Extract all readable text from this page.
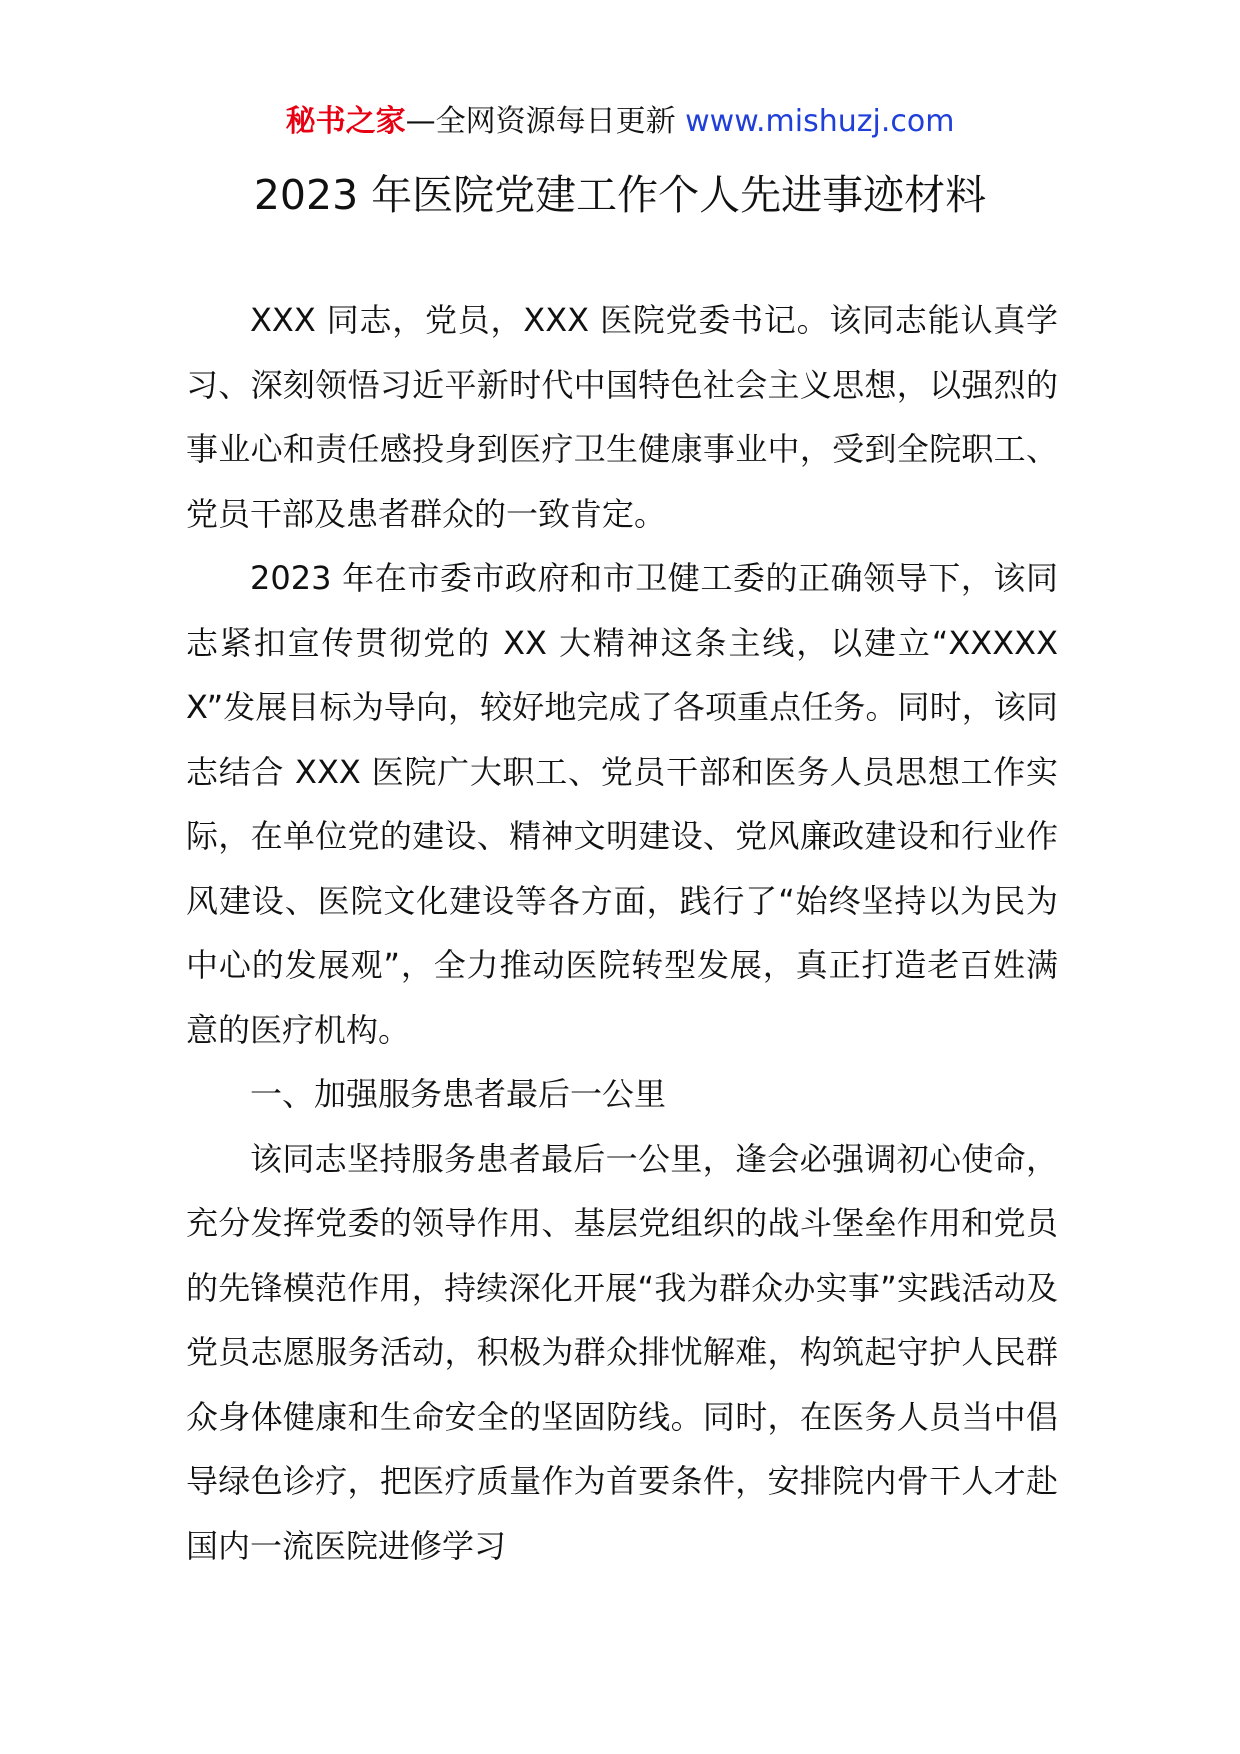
秘书之家—全网资源每日更新 www.mishuzj.com
2023 年医院党建工作个人先进事迹材料

XXX 同志，党员，XXX 医院党委书记。该同志能认真学习、深刻领悟习近平新时代中国特色社会主义思想，以强烈的事业心和责任感投身到医疗卫生健康事业中，受到全院职工、党员干部及患者群众的一致肯定。

2023 年在市委市政府和市卫健工委的正确领导下，该同志紧扣宣传贯彻党的 XX 大精神这条主线，以建立“XXXXXX”发展目标为导向，较好地完成了各项重点任务。同时，该同志结合 XXX 医院广大职工、党员干部和医务人员思想工作实际，在单位党的建设、精神文明建设、党风廉政建设和行业作风建设、医院文化建设等各方面，践行了“始终坚持以为民为中心的发展观”，全力推动医院转型发展，真正打造老百姓满意的医疗机构。

一、加强服务患者最后一公里

该同志坚持服务患者最后一公里，逢会必强调初心使命，充分发挥党委的领导作用、基层党组织的战斗堡垒作用和党员的先锋模范作用，持续深化开展“我为群众办实事”实践活动及党员志愿服务活动，积极为群众排忧解难，构筑起守护人民群众身体健康和生命安全的坚固防线。同时，在医务人员当中倡导绿色诊疗，把医疗质量作为首要条件，安排院内骨干人才赴国内一流医院进修学习
